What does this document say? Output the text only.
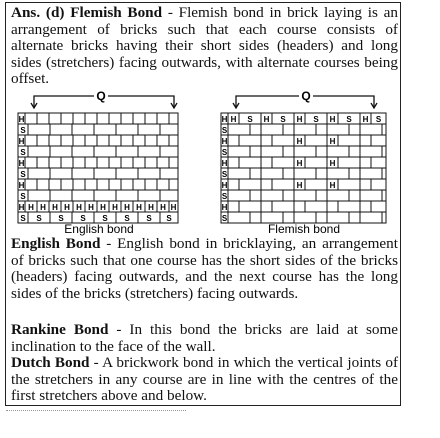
Ans. (d) Flemish Bond - Flemish bond in brick laying is an arrangement of bricks such that each course consists of alternate bricks having their short sides (headers) and long sides (stretchers) facing outwards, with alternate courses being offset.

Q
H
S
H
S
H
S
H
S
H H H H H H H H H H H H H H
S S S S S S S S
Q
H H S H S H S H S H S
S
H	H	H
S
H	H	H
S
H	H	H
S
H
S
English bond	Flemish bond

English Bond - English bond in bricklaying, an arrangement of bricks such that one course has the short sides of the bricks (headers) facing outwards, and the next course has the long sides of the bricks (stretchers) facing outwards.

Rankine Bond - In this bond the bricks are laid at some inclination to the face of the wall.

Dutch Bond - A brickwork bond in which the vertical joints of the stretchers in any course are in line with the centres of the first stretchers above and below.
